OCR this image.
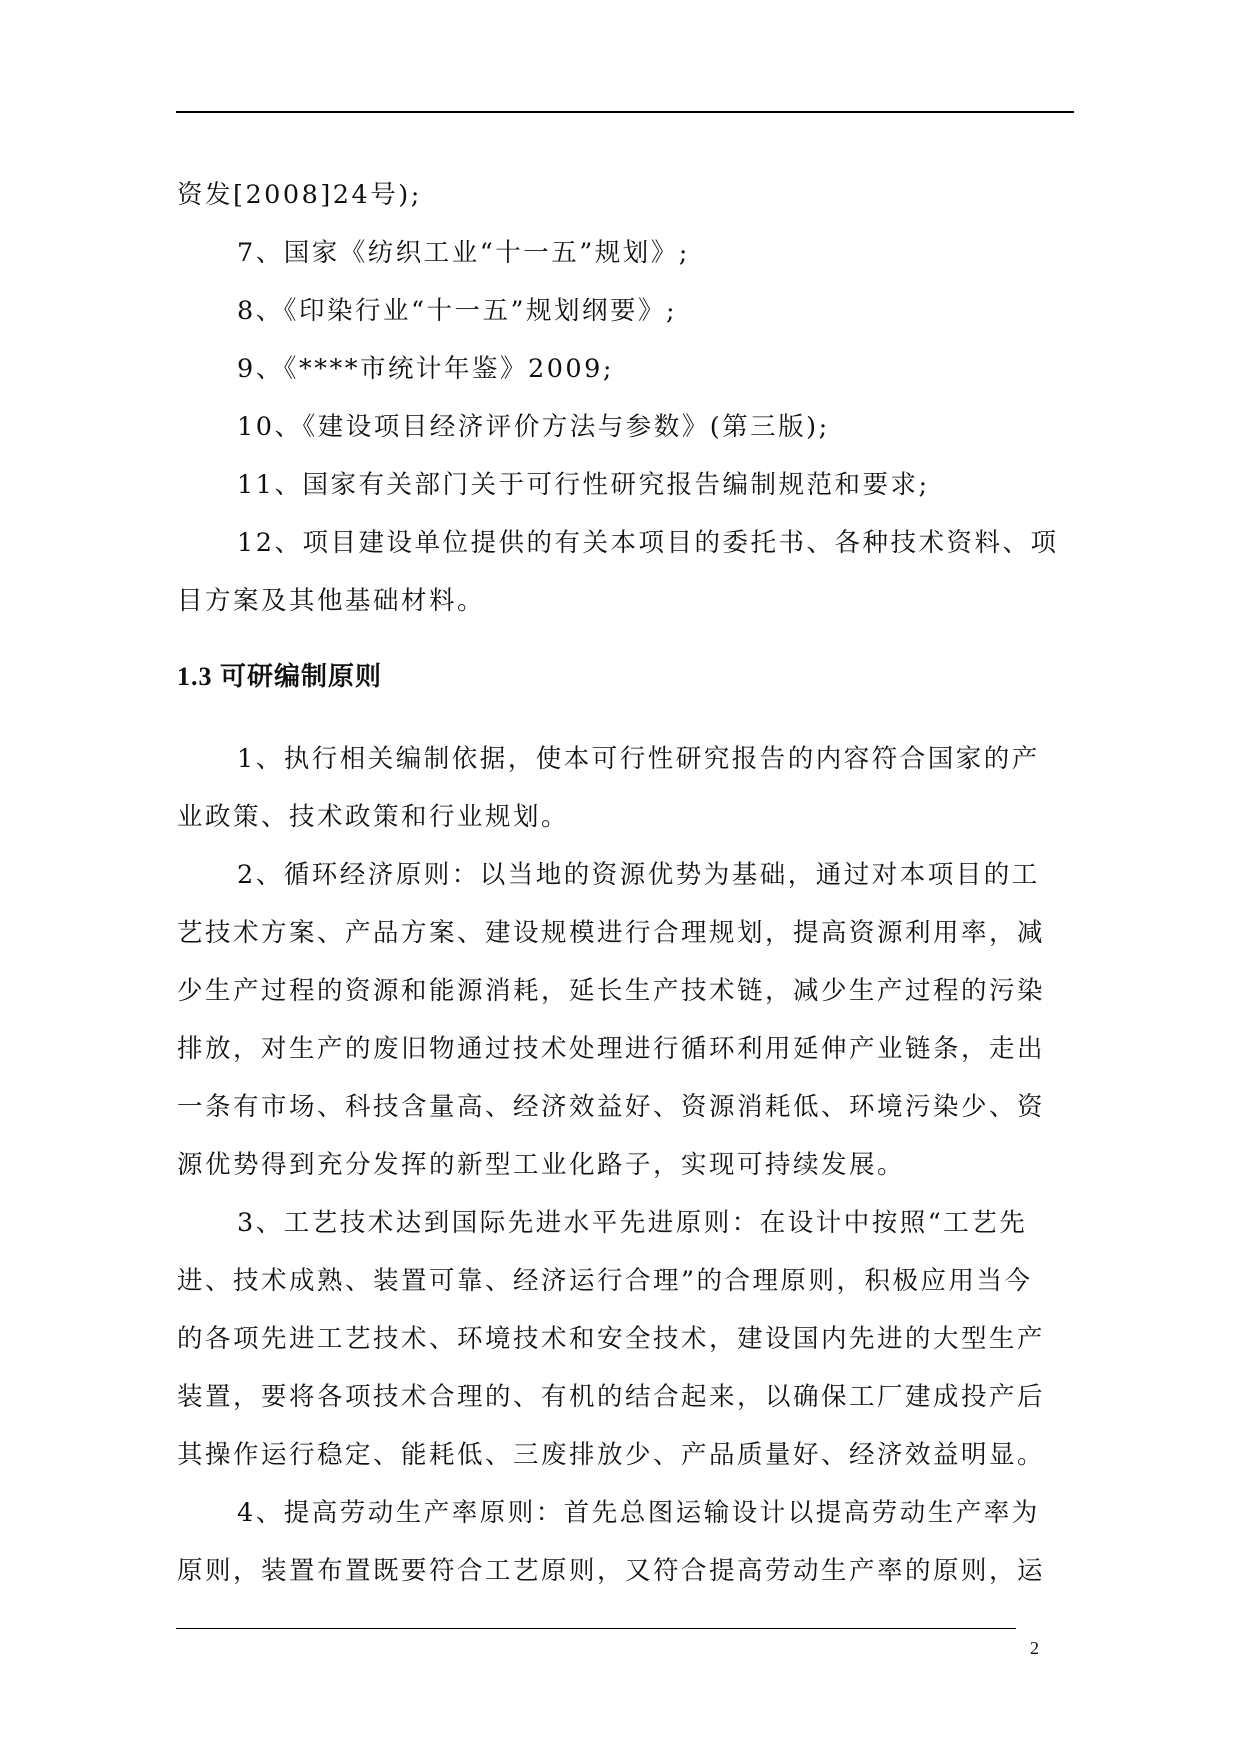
资发[2008]24号);

7、国家《纺织工业“十一五”规划》;

8、《印染行业“十一五”规划纲要》;

9、《****市统计年鉴》2009;

10、《建设项目经济评价方法与参数》(第三版);

11、国家有关部门关于可行性研究报告编制规范和要求;

12、项目建设单位提供的有关本项目的委托书、各种技术资料、项

目方案及其他基础材料。

1.3 可研编制原则

1、执行相关编制依据，使本可行性研究报告的内容符合国家的产

业政策、技术政策和行业规划。

2、循环经济原则：以当地的资源优势为基础，通过对本项目的工

艺技术方案、产品方案、建设规模进行合理规划，提高资源利用率，减

少生产过程的资源和能源消耗，延长生产技术链，减少生产过程的污染

排放，对生产的废旧物通过技术处理进行循环利用延伸产业链条，走出

一条有市场、科技含量高、经济效益好、资源消耗低、环境污染少、资

源优势得到充分发挥的新型工业化路子，实现可持续发展。

3、工艺技术达到国际先进水平先进原则：在设计中按照“工艺先

进、技术成熟、装置可靠、经济运行合理”的合理原则，积极应用当今

的各项先进工艺技术、环境技术和安全技术，建设国内先进的大型生产

装置，要将各项技术合理的、有机的结合起来，以确保工厂建成投产后

其操作运行稳定、能耗低、三废排放少、产品质量好、经济效益明显。

4、提高劳动生产率原则：首先总图运输设计以提高劳动生产率为

原则，装置布置既要符合工艺原则，又符合提高劳动生产率的原则，运

2
